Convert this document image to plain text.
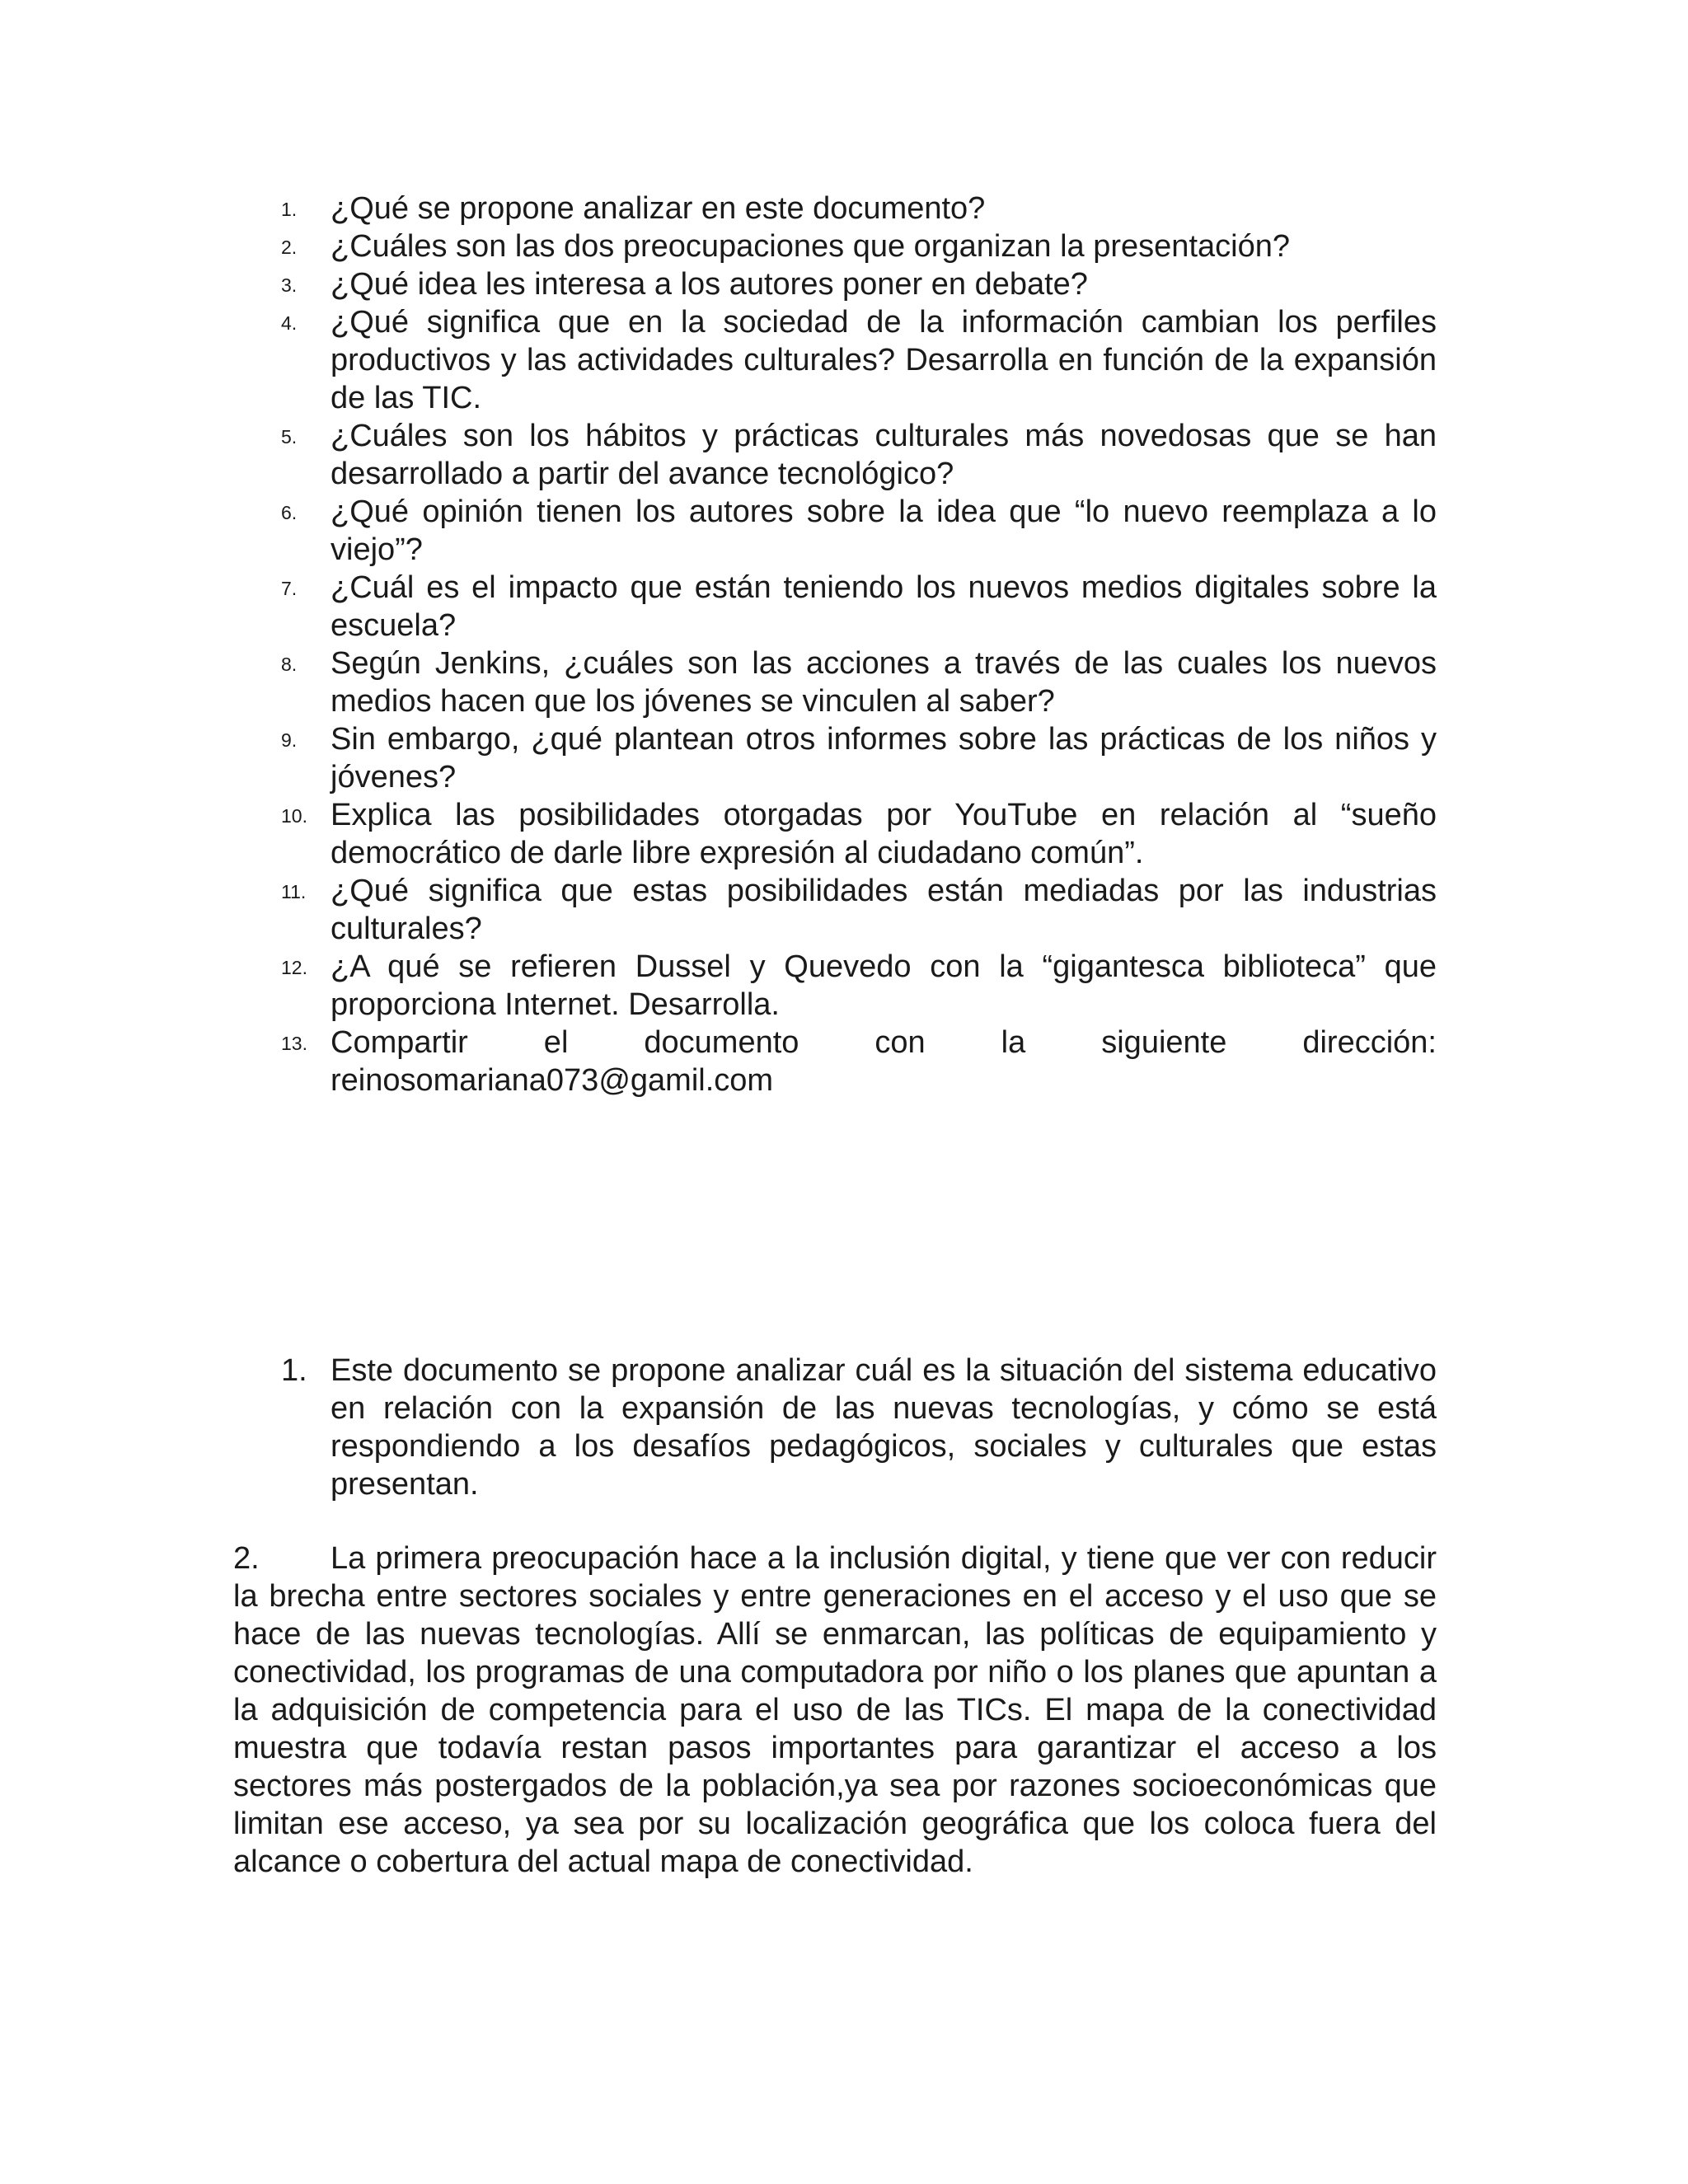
1. ¿Qué se propone analizar en este documento?
2. ¿Cuáles son las dos preocupaciones que organizan la presentación?
3. ¿Qué idea les interesa a los autores poner en debate?
4. ¿Qué significa que en la sociedad de la información cambian los perfiles productivos y las actividades culturales? Desarrolla en función de la expansión de las TIC.
5. ¿Cuáles son los hábitos y prácticas culturales más novedosas que se han desarrollado a partir del avance tecnológico?
6. ¿Qué opinión tienen los autores sobre la idea que “lo nuevo reemplaza a lo viejo”?
7. ¿Cuál es el impacto que están teniendo los nuevos medios digitales sobre la escuela?
8. Según Jenkins, ¿cuáles son las acciones a través de las cuales los nuevos medios hacen que los jóvenes se vinculen al saber?
9. Sin embargo, ¿qué plantean otros informes sobre las prácticas de los niños y jóvenes?
10. Explica las posibilidades otorgadas por YouTube en relación al “sueño democrático de darle libre expresión al ciudadano común”.
11. ¿Qué significa que estas posibilidades están mediadas por las industrias culturales?
12. ¿A qué se refieren Dussel y Quevedo con la “gigantesca biblioteca” que proporciona Internet. Desarrolla.
13. Compartir el documento con la siguiente dirección:
reinosomariana073@gamil.com
1. Este documento se propone analizar cuál es la situación del sistema educativo en relación con la expansión de las nuevas tecnologías, y cómo se está respondiendo a los desafíos pedagógicos, sociales y culturales que estas presentan.
2. La primera preocupación hace a la inclusión digital, y tiene que ver con reducir la brecha entre sectores sociales y entre generaciones en el acceso y el uso que se hace de las nuevas tecnologías. Allí se enmarcan, las políticas de equipamiento y conectividad, los programas de una computadora por niño o los planes que apuntan a la adquisición de competencia para el uso de las TICs. El mapa de la conectividad muestra que todavía restan pasos importantes para garantizar el acceso a los sectores más postergados de la población,ya sea por razones socioeconómicas que limitan ese acceso, ya sea por su localización geográfica que los coloca fuera del alcance o cobertura del actual mapa de conectividad.
